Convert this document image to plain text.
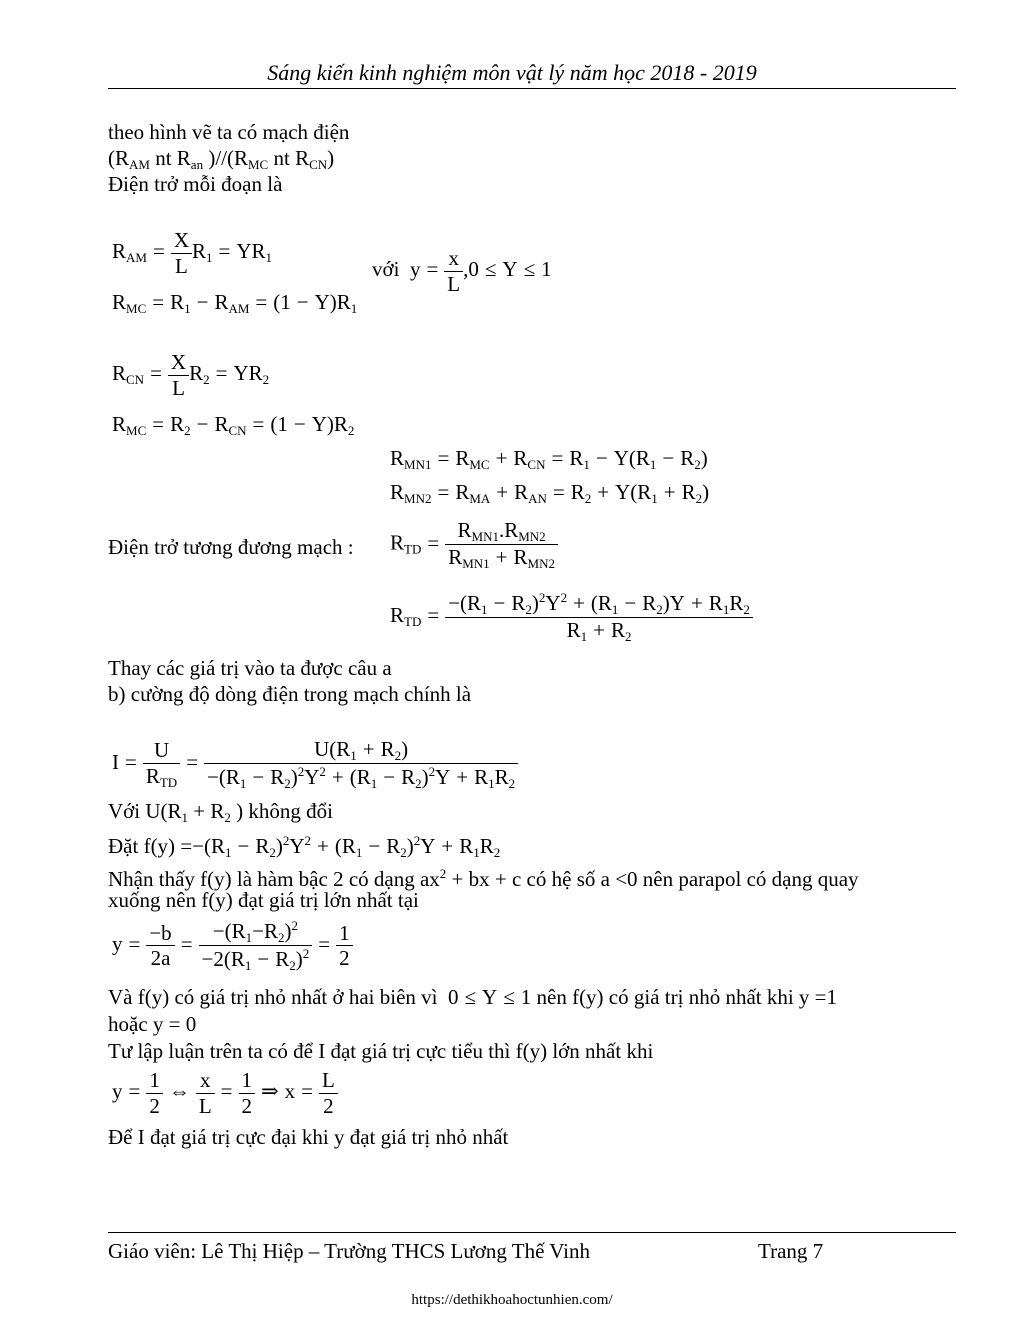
Sáng kiến kinh nghiệm môn vật lý năm học 2018 - 2019
theo hình vẽ ta có mạch điện
($R_{AM}$ nt $R_{an}$ )$//(R_{MC}$ nt $R_{CN}$)
Điện trở mỗi đoạn là
$R_{AM} = \frac{X}{L} R_1 = YR_1$
$R_{MC} = R_1 - R_{AM} = (1 - Y)R_1$
với  $y = \frac{x}{L} ,0 \le Y \le 1$
$R_{CN} = \frac{X}{L} R_2 = YR_2$
$R_{MC} = R_2 - R_{CN} = (1 - Y)R_2$
$R_{MN1} = R_{MC} + R_{CN} = R_1 - Y(R_1 - R_2)$
$R_{MN2} = R_{MA} + R_{AN} = R_2 + Y(R_1 + R_2)$
Điện trở tương đương mạch : $R_{TD} = \frac{R_{MN1}.R_{MN2}}{R_{MN1} + R_{MN2}}$
$R_{TD} = \frac{-(R_1 - R_2)^2Y^2 + (R_1 - R_2)Y + R_1R_2}{R_1 + R_2}$
Thay các giá trị vào ta được câu a
b) cường độ dòng điện trong mạch chính là
$I = \frac{U}{R_{TD}} = \frac{U(R_1 + R_2)}{-(R_1 - R_2)^2Y^2 + (R_1 - R_2)^2Y + R_1R_2}$
Với $U(R_1 + R_2$ ) không đổi
Đặt $f(y) =-(R_1 - R_2)^2Y^2 + (R_1 - R_2)^2Y + R_1R_2$
Nhận thấy f(y) là hàm bậc 2 có dạng $ax^2$ + bx + c có hệ số a <0 nên parapol có dạng quay
xuống nên f(y) đạt giá trị lớn nhất tại
$y = \frac{-b}{2a} = \frac{-(R_1-R_2)^2}{-2(R_1 - R_2)^2} = \frac{1}{2}$
Và f(y) có giá trị nhỏ nhất ở hai biên vì  0 ≤ Y ≤ 1 nên f(y) có giá trị nhỏ nhất khi y =1
hoặc y = 0
Tư lập luận trên ta có để I đạt giá trị cực tiểu thì f(y) lớn nhất khi
$y = \frac{1}{2}$ ⇔ $\frac{x}{L} = \frac{1}{2}$ ⇒ $x = \frac{L}{2}$
Để I đạt giá trị cực đại khi y đạt giá trị nhỏ nhất
Giáo viên: Lê Thị Hiệp – Trường THCS Lương Thế Vinh	Trang 7
https://dethikhoahoctunhien.com/
